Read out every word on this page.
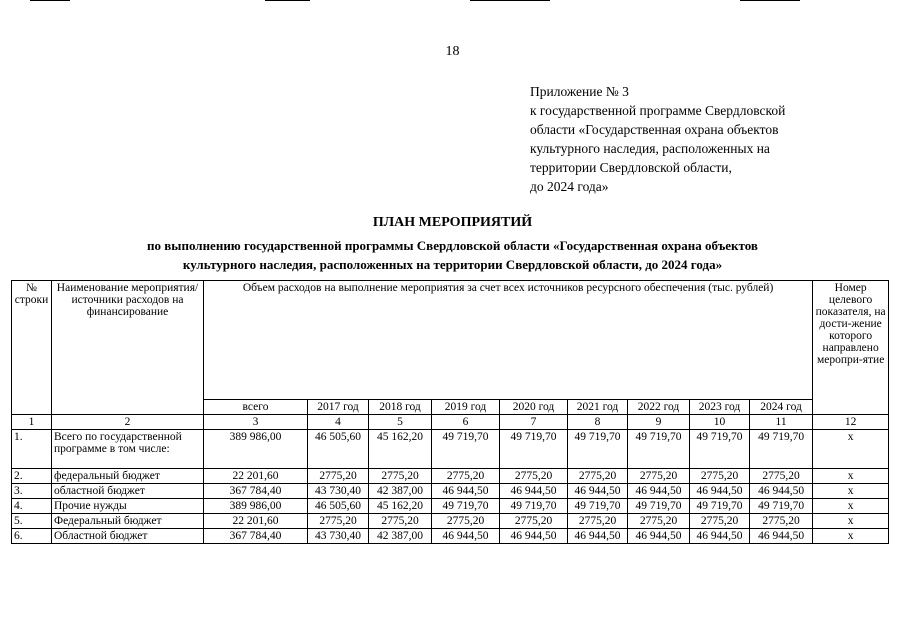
18
Приложение № 3
к государственной программе Свердловской
области «Государственная охрана объектов
культурного наследия, расположенных на
территории Свердловской области,
до 2024 года»
ПЛАН МЕРОПРИЯТИЙ
по выполнению государственной программы Свердловской области «Государственная охрана объектов
культурного наследия, расположенных на территории Свердловской области, до 2024 года»
№ строки	Наименование мероприятия/источники расходов на финансирование	Объем расходов на выполнение мероприятия за счет всех источников ресурсного обеспечения (тыс. рублей)									Номер целевого показателя, на дости-жение которого направлено меропри-ятие
		всего	2017 год	2018 год	2019 год	2020 год	2021 год	2022 год	2023 год	2024 год	
1	2	3	4	5	6	7	8	9	10	11	12
1.	Всего по государственной программе в том числе:	389 986,00	46 505,60	45 162,20	49 719,70	49 719,70	49 719,70	49 719,70	49 719,70	49 719,70	х
2.	федеральный бюджет	22 201,60	2775,20	2775,20	2775,20	2775,20	2775,20	2775,20	2775,20	2775,20	х
3.	областной бюджет	367 784,40	43 730,40	42 387,00	46 944,50	46 944,50	46 944,50	46 944,50	46 944,50	46 944,50	х
4.	Прочие нужды	389 986,00	46 505,60	45 162,20	49 719,70	49 719,70	49 719,70	49 719,70	49 719,70	49 719,70	х
5.	Федеральный бюджет	22 201,60	2775,20	2775,20	2775,20	2775,20	2775,20	2775,20	2775,20	2775,20	х
6.	Областной бюджет	367 784,40	43 730,40	42 387,00	46 944,50	46 944,50	46 944,50	46 944,50	46 944,50	46 944,50	х
